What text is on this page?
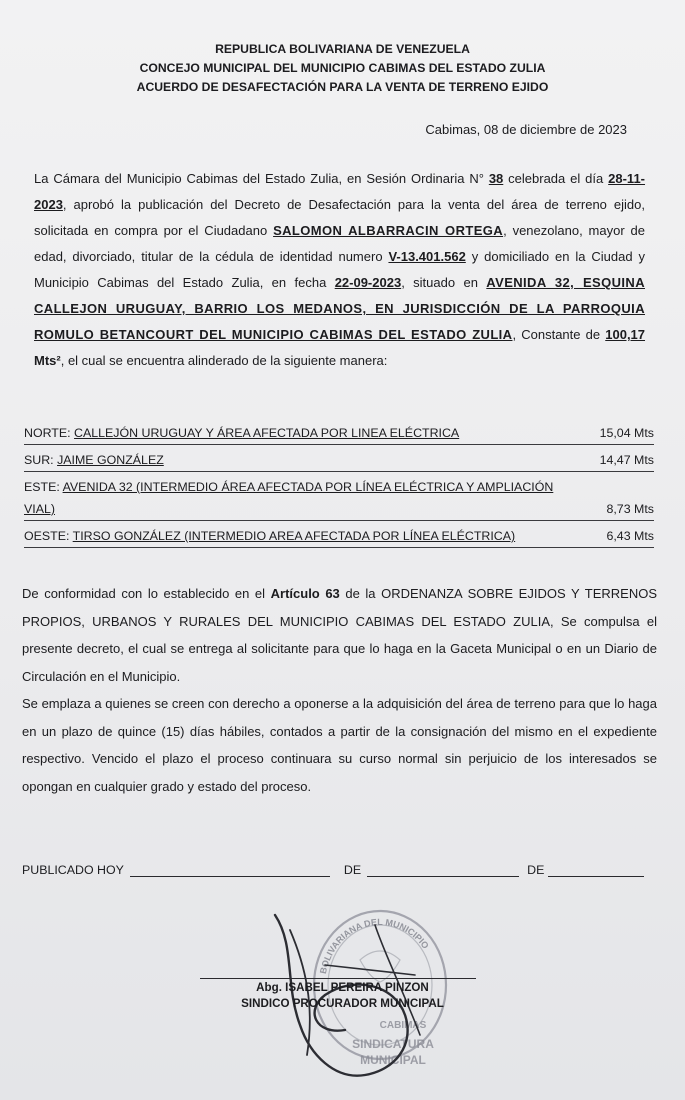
REPUBLICA BOLIVARIANA DE VENEZUELA
CONCEJO MUNICIPAL DEL MUNICIPIO CABIMAS DEL ESTADO ZULIA
ACUERDO DE DESAFECTACIÓN PARA LA VENTA DE TERRENO EJIDO
Cabimas, 08 de diciembre de 2023
La Cámara del Municipio Cabimas del Estado Zulia, en Sesión Ordinaria N° 38 celebrada el día 28-11-2023, aprobó la publicación del Decreto de Desafectación para la venta del área de terreno ejido, solicitada en compra por el Ciudadano SALOMON ALBARRACIN ORTEGA, venezolano, mayor de edad, divorciado, titular de la cédula de identidad numero V-13.401.562 y domiciliado en la Ciudad y Municipio Cabimas del Estado Zulia, en fecha 22-09-2023, situado en AVENIDA 32, ESQUINA CALLEJON URUGUAY, BARRIO LOS MEDANOS, EN JURISDICCIÓN DE LA PARROQUIA ROMULO BETANCOURT DEL MUNICIPIO CABIMAS DEL ESTADO ZULIA, Constante de 100,17 Mts², el cual se encuentra alinderado de la siguiente manera:
NORTE: CALLEJÓN URUGUAY Y ÁREA AFECTADA POR LINEA ELÉCTRICA	15,04 Mts
SUR: JAIME GONZÁLEZ	14,47 Mts
ESTE: AVENIDA 32 (INTERMEDIO ÁREA AFECTADA POR LÍNEA ELÉCTRICA Y AMPLIACIÓN
VIAL)	8,73 Mts
OESTE: TIRSO GONZÁLEZ (INTERMEDIO AREA AFECTADA POR LÍNEA ELÉCTRICA)	6,43 Mts
De conformidad con lo establecido en el Artículo 63 de la ORDENANZA SOBRE EJIDOS Y TERRENOS PROPIOS, URBANOS Y RURALES DEL MUNICIPIO CABIMAS DEL ESTADO ZULIA, Se compulsa el presente decreto, el cual se entrega al solicitante para que lo haga en la Gaceta Municipal o en un Diario de Circulación en el Municipio.
Se emplaza a quienes se creen con derecho a oponerse a la adquisición del área de terreno para que lo haga en un plazo de quince (15) días hábiles, contados a partir de la consignación del mismo en el expediente respectivo. Vencido el plazo el proceso continuara su curso normal sin perjuicio de los interesados se opongan en cualquier grado y estado del proceso.
PUBLICADO HOY	DE	DE
BOLIVARIANA DEL MUNICIPIO
CABIMAS
SINDICATURA
MUNICIPAL
Abg. ISABEL PEREIRA PINZON
SINDICO PROCURADOR MUNICIPAL
